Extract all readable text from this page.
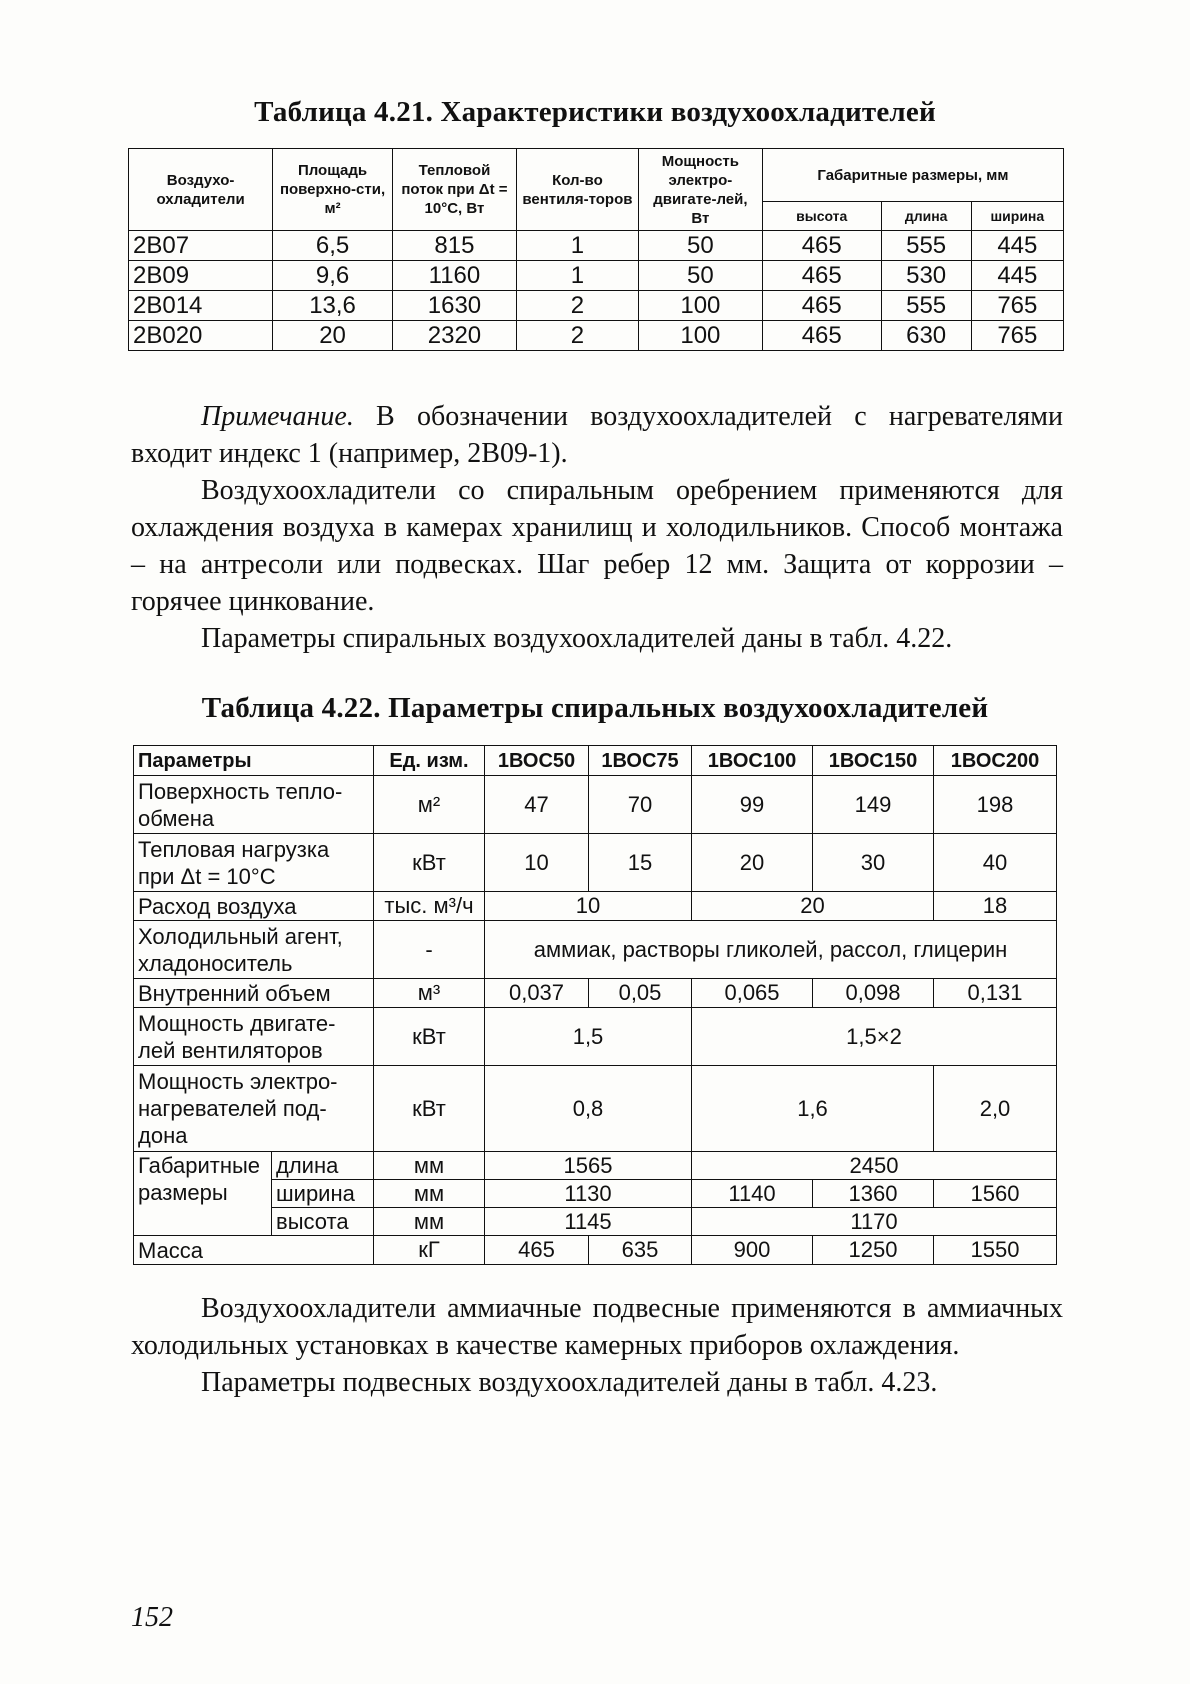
Таблица 4.21. Характеристики воздухоохладителей
Воздухо-охладители	Площадь поверхно-сти, м²	Тепловой поток при Δt = 10°C, Вт	Кол-во вентиля-торов	Мощность электро-двигате-лей, Вт	Габаритные размеры, мм		
					высота	длина	ширина
2В07	6,5	815	1	50	465	555	445
2В09	9,6	1160	1	50	465	530	445
2В014	13,6	1630	2	100	465	555	765
2В020	20	2320	2	100	465	630	765

Примечание. В обозначении воздухоохладителей с нагревателями входит индекс 1 (например, 2В09-1).

Воздухоохладители со спиральным оребрением применяются для охлаждения воздуха в камерах хранилищ и холодильников. Способ монтажа – на антресоли или подвесках. Шаг ребер 12 мм. Защита от коррозии – горячее цинкование.

Параметры спиральных воздухоохладителей даны в табл. 4.22.

Таблица 4.22. Параметры спиральных воздухоохладителей
Параметры		Ед. изм.	1ВОС50	1ВОС75	1ВОС100	1ВОС150	1ВОС200
Поверхность тепло-обмена		м²	47	70	99	149	198
Тепловая нагрузка при Δt = 10°C		кВт	10	15	20	30	40
Расход воздуха		тыс. м³/ч	10		20		18
Холодильный агент, хладоноситель		-	аммиак, растворы гликолей, рассол, глицерин				
Внутренний объем		м³	0,037	0,05	0,065	0,098	0,131
Мощность двигате-лей вентиляторов		кВт	1,5		1,5×2		
Мощность электро-нагревателей под-дона		кВт	0,8		1,6		2,0
Габаритные размеры	длина	мм	1565		2450		
	ширина	мм	1130		1140	1360	1560
	высота	мм	1145		1170		
Масса		кГ	465	635	900	1250	1550

Воздухоохладители аммиачные подвесные применяются в аммиачных холодильных установках в качестве камерных приборов охлаждения.

Параметры подвесных воздухоохладителей даны в табл. 4.23.

152
